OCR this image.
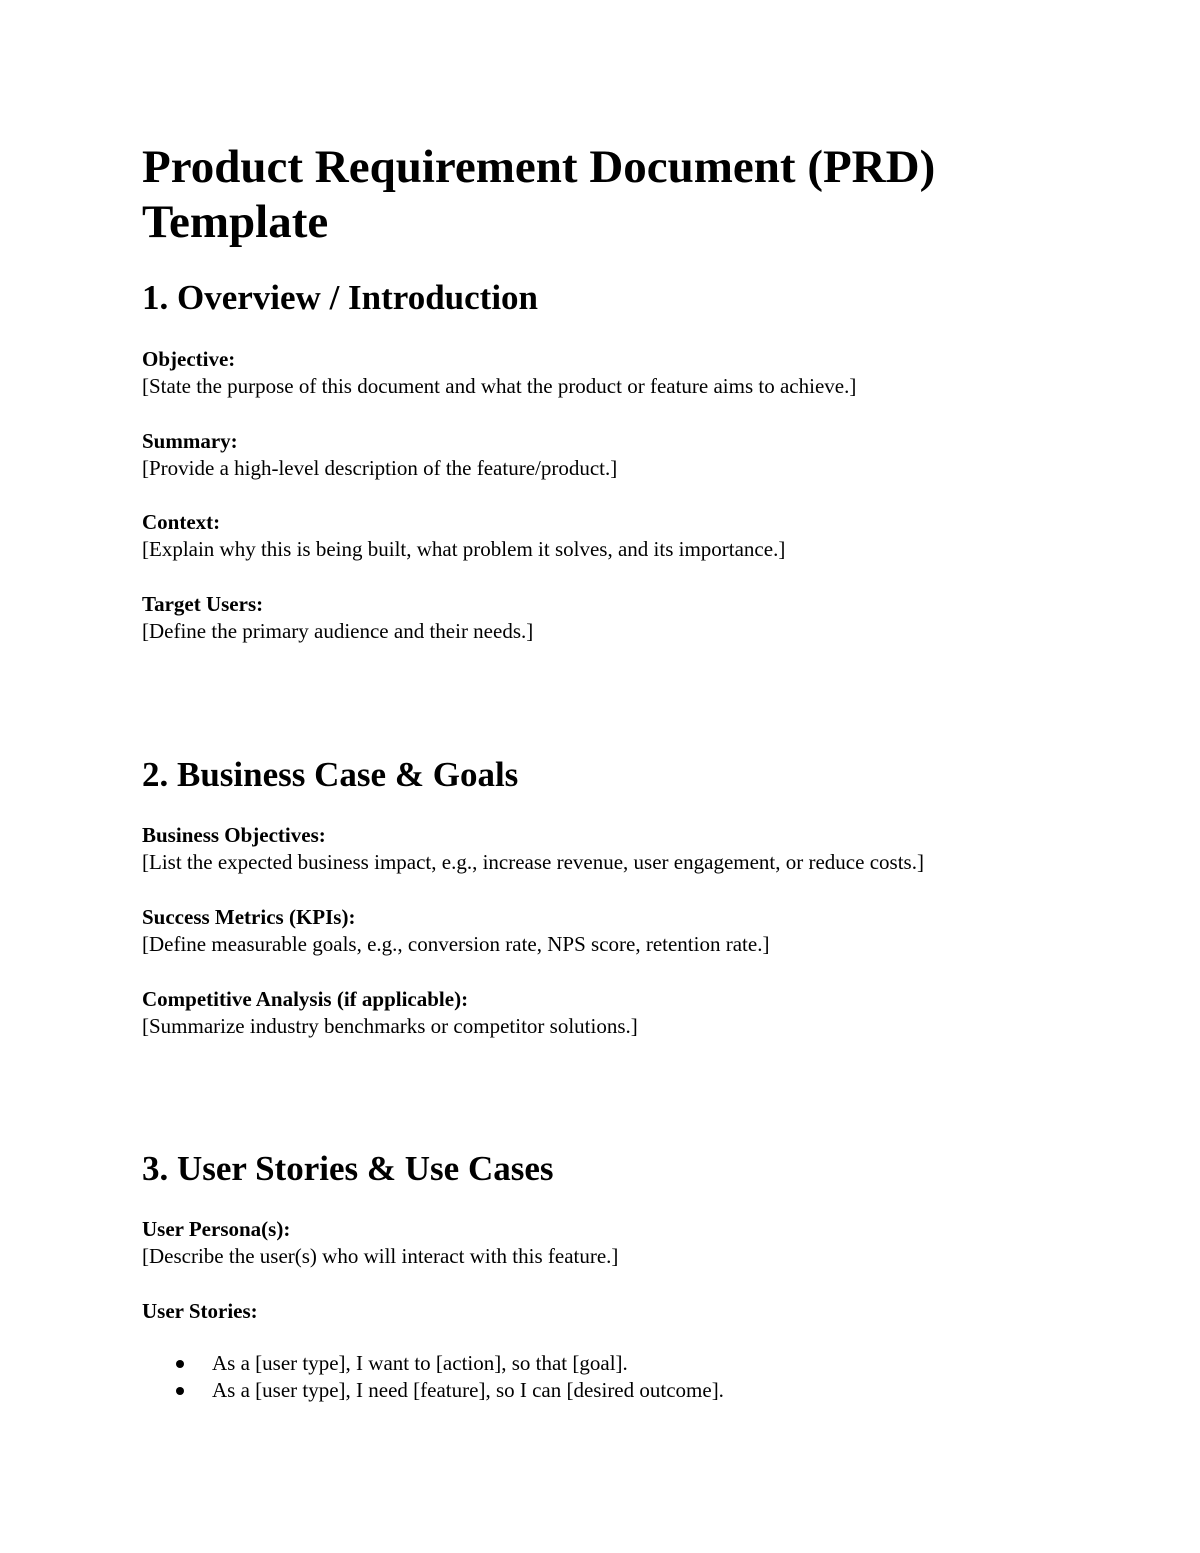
Product Requirement Document (PRD) Template
1. Overview / Introduction
Objective:
[State the purpose of this document and what the product or feature aims to achieve.]
Summary:
[Provide a high-level description of the feature/product.]
Context:
[Explain why this is being built, what problem it solves, and its importance.]
Target Users:
[Define the primary audience and their needs.]
2. Business Case & Goals
Business Objectives:
[List the expected business impact, e.g., increase revenue, user engagement, or reduce costs.]
Success Metrics (KPIs):
[Define measurable goals, e.g., conversion rate, NPS score, retention rate.]
Competitive Analysis (if applicable):
[Summarize industry benchmarks or competitor solutions.]
3. User Stories & Use Cases
User Persona(s):
[Describe the user(s) who will interact with this feature.]
User Stories:
As a [user type], I want to [action], so that [goal].
As a [user type], I need [feature], so I can [desired outcome].
